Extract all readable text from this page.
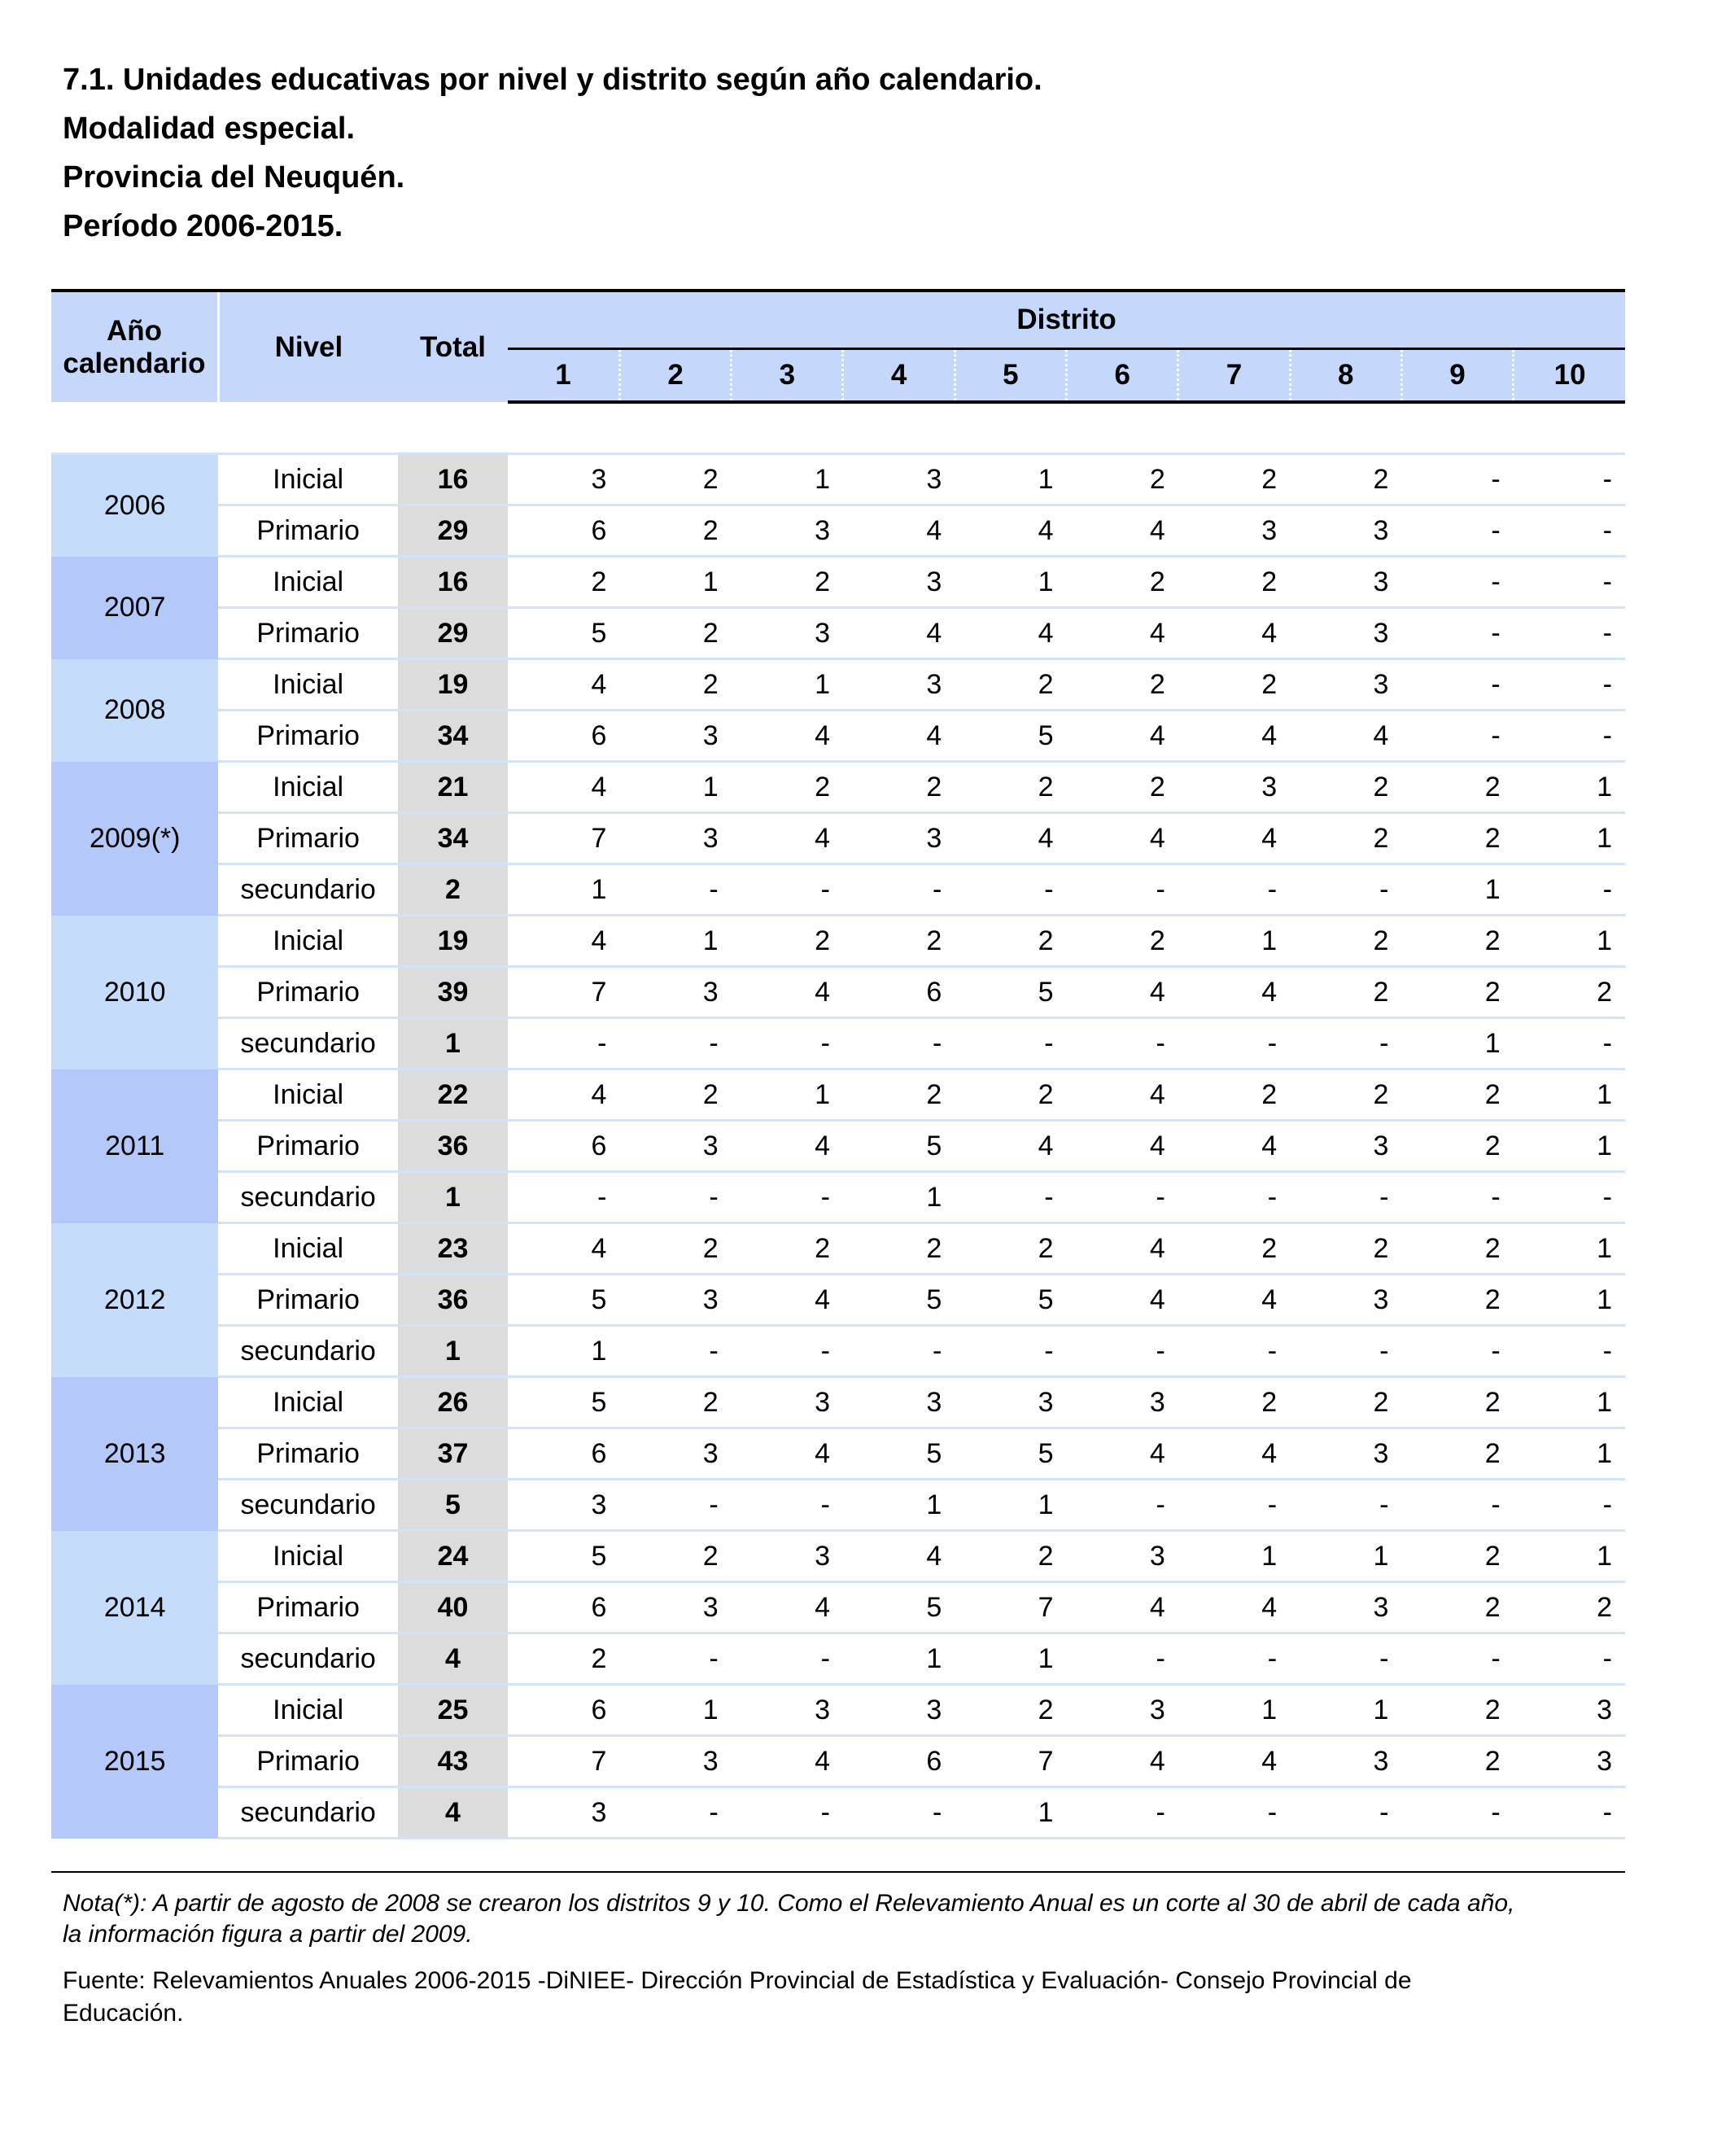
7.1. Unidades educativas por nivel y distrito según año calendario.
Modalidad especial.
Provincia del Neuquén.
Período 2006-2015.
Año calendario	Nivel	Total	Distrito									
			1	2	3	4	5	6	7	8	9	10

2006	Inicial	16	3	2	1	3	1	2	2	2	-	-
	Primario	29	6	2	3	4	4	4	3	3	-	-
2007	Inicial	16	2	1	2	3	1	2	2	3	-	-
	Primario	29	5	2	3	4	4	4	4	3	-	-
2008	Inicial	19	4	2	1	3	2	2	2	3	-	-
	Primario	34	6	3	4	4	5	4	4	4	-	-
2009(*)	Inicial	21	4	1	2	2	2	2	3	2	2	1
	Primario	34	7	3	4	3	4	4	4	2	2	1
	secundario	2	1	-	-	-	-	-	-	-	1	-
2010	Inicial	19	4	1	2	2	2	2	1	2	2	1
	Primario	39	7	3	4	6	5	4	4	2	2	2
	secundario	1	-	-	-	-	-	-	-	-	1	-
2011	Inicial	22	4	2	1	2	2	4	2	2	2	1
	Primario	36	6	3	4	5	4	4	4	3	2	1
	secundario	1	-	-	-	1	-	-	-	-	-	-
2012	Inicial	23	4	2	2	2	2	4	2	2	2	1
	Primario	36	5	3	4	5	5	4	4	3	2	1
	secundario	1	1	-	-	-	-	-	-	-	-	-
2013	Inicial	26	5	2	3	3	3	3	2	2	2	1
	Primario	37	6	3	4	5	5	4	4	3	2	1
	secundario	5	3	-	-	1	1	-	-	-	-	-
2014	Inicial	24	5	2	3	4	2	3	1	1	2	1
	Primario	40	6	3	4	5	7	4	4	3	2	2
	secundario	4	2	-	-	1	1	-	-	-	-	-
2015	Inicial	25	6	1	3	3	2	3	1	1	2	3
	Primario	43	7	3	4	6	7	4	4	3	2	3
	secundario	4	3	-	-	-	1	-	-	-	-	-
Nota(*): A partir de agosto de 2008 se crearon los distritos 9 y 10. Como el Relevamiento Anual es un corte al 30 de abril de cada año,
la información figura a partir del 2009.
Fuente: Relevamientos Anuales 2006-2015 -DiNIEE- Dirección Provincial de Estadística y Evaluación- Consejo Provincial de
Educación.
